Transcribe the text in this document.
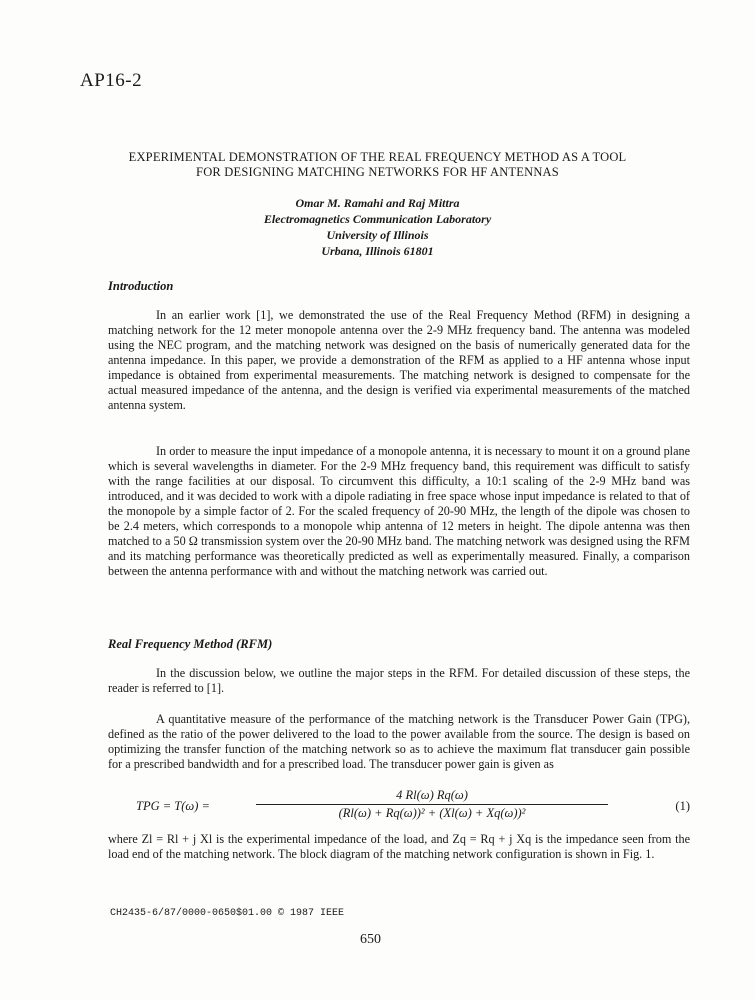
AP16-2
EXPERIMENTAL DEMONSTRATION OF THE REAL FREQUENCY METHOD AS A TOOL
FOR DESIGNING MATCHING NETWORKS FOR HF ANTENNAS
Omar M. Ramahi and Raj Mittra
Electromagnetics Communication Laboratory
University of Illinois
Urbana, Illinois 61801
Introduction
In an earlier work [1], we demonstrated the use of the Real Frequency Method (RFM) in designing a matching network for the 12 meter monopole antenna over the 2-9 MHz frequency band. The antenna was modeled using the NEC program, and the matching network was designed on the basis of numerically generated data for the antenna impedance. In this paper, we provide a demonstration of the RFM as applied to a HF antenna whose input impedance is obtained from experimental measurements. The matching network is designed to compensate for the actual measured impedance of the antenna, and the design is verified via experimental measurements of the matched antenna system.
In order to measure the input impedance of a monopole antenna, it is necessary to mount it on a ground plane which is several wavelengths in diameter. For the 2-9 MHz frequency band, this requirement was difficult to satisfy with the range facilities at our disposal. To circumvent this difficulty, a 10:1 scaling of the 2-9 MHz band was introduced, and it was decided to work with a dipole radiating in free space whose input impedance is related to that of the monopole by a simple factor of 2. For the scaled frequency of 20-90 MHz, the length of the dipole was chosen to be 2.4 meters, which corresponds to a monopole whip antenna of 12 meters in height. The dipole antenna was then matched to a 50 Ω transmission system over the 20-90 MHz band. The matching network was designed using the RFM and its matching performance was theoretically predicted as well as experimentally measured. Finally, a comparison between the antenna performance with and without the matching network was carried out.
Real Frequency Method (RFM)
In the discussion below, we outline the major steps in the RFM. For detailed discussion of these steps, the reader is referred to [1].
A quantitative measure of the performance of the matching network is the Transducer Power Gain (TPG), defined as the ratio of the power delivered to the load to the power available from the source. The design is based on optimizing the transfer function of the matching network so as to achieve the maximum flat transducer gain possible for a prescribed bandwidth and for a prescribed load. The transducer power gain is given as
TPG = T(ω) =
4 Rl(ω) Rq(ω)
(Rl(ω) + Rq(ω))² + (Xl(ω) + Xq(ω))²	(1)
where Zl = Rl + j Xl is the experimental impedance of the load, and Zq = Rq + j Xq is the impedance seen from the load end of the matching network. The block diagram of the matching network configuration is shown in Fig. 1.
CH2435-6/87/0000-0650$01.00 © 1987 IEEE
650
